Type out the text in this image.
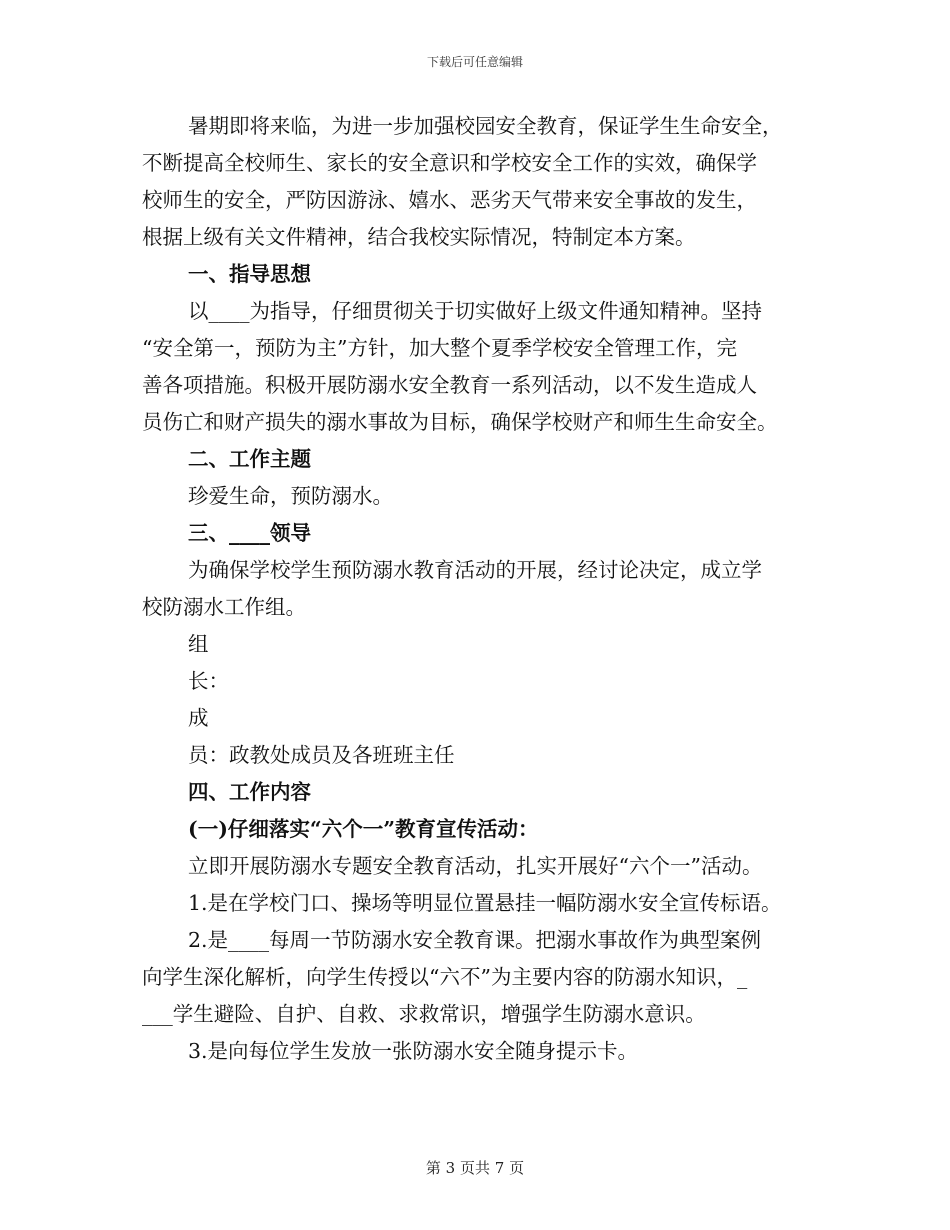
下载后可任意编辑
暑期即将来临，为进一步加强校园安全教育，保证学生生命安全，
不断提高全校师生、家长的安全意识和学校安全工作的实效，确保学
校师生的安全，严防因游泳、嬉水、恶劣天气带来安全事故的发生，
根据上级有关文件精神，结合我校实际情况，特制定本方案。
一、指导思想
以____为指导，仔细贯彻关于切实做好上级文件通知精神。坚持
“安全第一，预防为主”方针，加大整个夏季学校安全管理工作，完
善各项措施。积极开展防溺水安全教育一系列活动，以不发生造成人
员伤亡和财产损失的溺水事故为目标，确保学校财产和师生生命安全。
二、工作主题
珍爱生命，预防溺水。
三、____领导
为确保学校学生预防溺水教育活动的开展，经讨论决定，成立学
校防溺水工作组。
组
长：
成
员：政教处成员及各班班主任
四、工作内容
(一)仔细落实“六个一”教育宣传活动：
立即开展防溺水专题安全教育活动，扎实开展好“六个一”活动。
1.是在学校门口、操场等明显位置悬挂一幅防溺水安全宣传标语。
2.是____每周一节防溺水安全教育课。把溺水事故作为典型案例
向学生深化解析，向学生传授以“六不”为主要内容的防溺水知识，_
___学生避险、自护、自救、求救常识，增强学生防溺水意识。
3.是向每位学生发放一张防溺水安全随身提示卡。
第 3 页共 7 页
